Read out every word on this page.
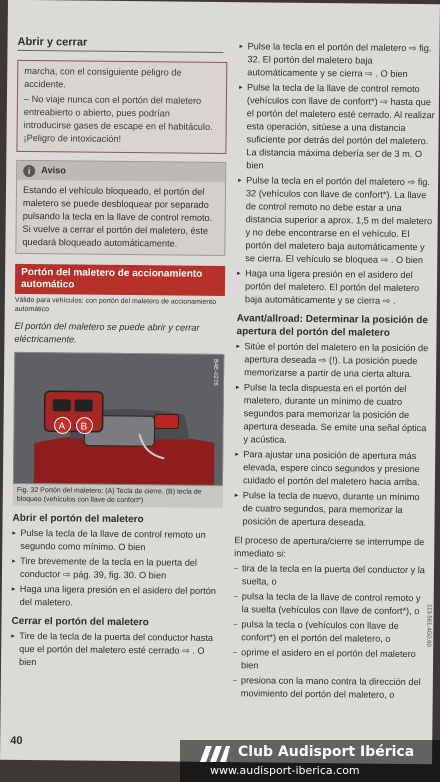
Abrir y cerrar

marcha, con el consiguiente peligro de accidente.

– No viaje nunca con el portón del maletero entreabierto o abierto, pues podrían introducirse gases de escape en el habitáculo. ¡Peligro de intoxicación!

i	Aviso
Estando el vehículo bloqueado, el portón del maletero se puede desbloquear por separado pulsando la tecla en la llave de control remoto. Si vuelve a cerrar el portón del maletero, éste quedará bloqueado automáticamente.
Portón del maletero de accionamiento automático
Válido para vehículos: con portón del maletero de accionamiento automático
El portón del maletero se puede abrir y cerrar eléctricamente.
A B
B4E-0276
Fig. 32 Portón del maletero: (A) Tecla de cierre, (B) tecla de bloqueo (vehículos con llave de confort*)
Abrir el portón del maletero
▸ Pulse la tecla de la llave de control remoto un segundo como mínimo. O bien
▸ Tire brevemente de la tecla en la puerta del conductor ⇨ pág. 39, fig. 30. O bien
▸ Haga una ligera presión en el asidero del portón del maletero.
Cerrar el portón del maletero
▸ Tire de la tecla de la puerta del conductor hasta que el portón del maletero esté cerrado ⇨ . O bien
▸ Pulse la tecla en el portón del maletero ⇨ fig. 32. El portón del maletero baja automáticamente y se cierra ⇨ . O bien
▸ Pulse la tecla de la llave de control remoto (vehículos con llave de confort*) ⇨ hasta que el portón del maletero esté cerrado. Al realizar esta operación, sitúese a una distancia suficiente por detrás del portón del maletero. La distancia máxima debería ser de 3 m. O bien
▸ Pulse la tecla en el portón del maletero ⇨ fig. 32 (vehículos con llave de confort*). La llave de control remoto no debe estar a una distancia superior a aprox. 1,5 m del maletero y no debe encontrarse en el vehículo. El portón del maletero baja automáticamente y se cierra. El vehículo se bloquea ⇨ . O bien
▸ Haga una ligera presión en el asidero del portón del maletero. El portón del maletero baja automáticamente y se cierra ⇨ .
Avant/allroad: Determinar la posición de apertura del portón del maletero
▸ Sitúe el portón del maletero en la posición de apertura deseada ⇨ (!). La posición puede memorizarse a partir de una cierta altura.
▸ Pulse la tecla dispuesta en el portón del maletero, durante un mínimo de cuatro segundos para memorizar la posición de apertura deseada. Se emite una señal óptica y acústica.
▸ Para ajustar una posición de apertura más elevada, espere cinco segundos y presione cuidado el portón del maletero hacia arriba.
▸ Pulse la tecla de nuevo, durante un mínimo de cuatro segundos, para memorizar la posición de apertura deseada.

El proceso de apertura/cierre se interrumpe de inmediato si:

– tira de la tecla en la puerta del conductor y la suelta, o
– pulsa la tecla de la llave de control remoto y la suelta (vehículos con llave de confort*), o
– pulsa la tecla o (vehículos con llave de confort*) en el portón del maletero, o
– oprime el asidero en el portón del maletero bien
– presiona con la mano contra la dirección del movimiento del portón del maletero, o
40
113.561.4G0.60
Club Audisport Ibérica
www.audisport-iberica.com
